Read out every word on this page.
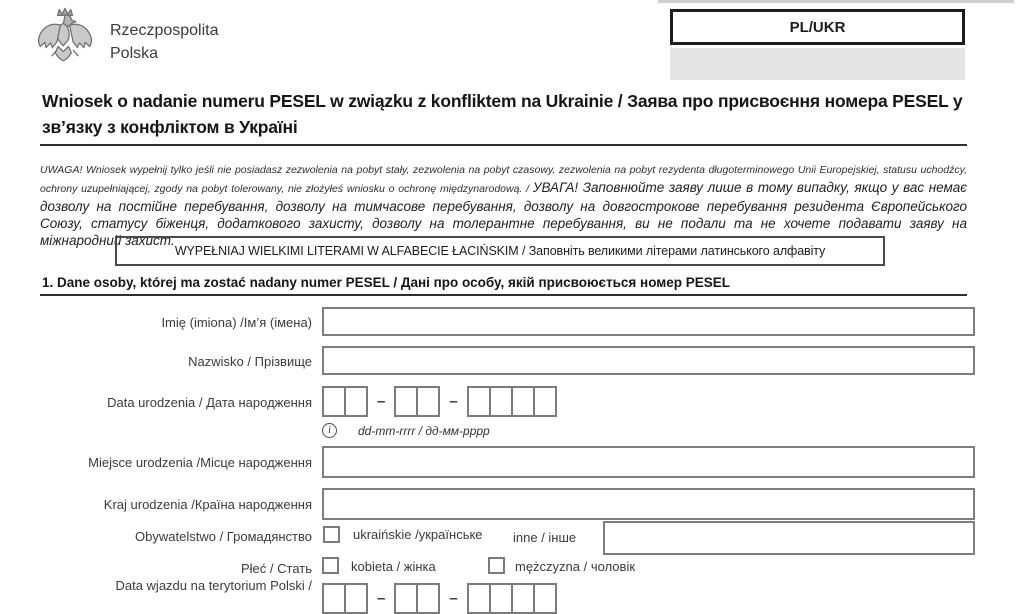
Rzeczpospolita
Polska
PL/UKR
Wniosek o nadanie numeru PESEL w związku z konfliktem na Ukrainie / Заява про присвоєння номера PESEL у зв’язку з конфліктом в Україні

UWAGA! Wniosek wypełnij tylko jeśli nie posiadasz zezwolenia na pobyt stały, zezwolenia na pobyt czasowy, zezwolenia na pobyt rezydenta długoterminowego Unii Europejskiej, statusu uchodźcy, ochrony uzupełniającej, zgody na pobyt tolerowany, nie złożyłeś wniosku o ochronę międzynarodową. / УВАГА! Заповнюйте заяву лише в тому випадку, якщо у вас немає дозволу на постійне перебування, дозволу на тимчасове перебування, дозволу на довгострокове перебування резидента Європейського Союзу, статусу біженця, додаткового захисту, дозволу на толерантне перебування, ви не подали та не хочете подавати заяву на міжнародний захист.

WYPEŁNIAJ WIELKIMI LITERAMI W ALFABECIE ŁACIŃSKIM / Заповніть великими літерами латинського алфавіту
1. Dane osoby, której ma zostać nadany numer PESEL / Дані про особу, якій присвоюється номер PESEL
Imię (imiona) /Ім’я (імена)
Nazwisko / Прізвище
Data urodzenia / Дата народження	–	–
i	dd-mm-rrrr / дд-мм-рррр
Miejsce urodzenia /Місце народження
Kraj urodzenia /Країна народження
Obywatelstwo / Громадянство	ukraińskie /українське inne / інше
Płeć / Стать	kobieta / жінка	mężczyzna / чоловік
Data wjazdu na terytorium Polski /
–	–
